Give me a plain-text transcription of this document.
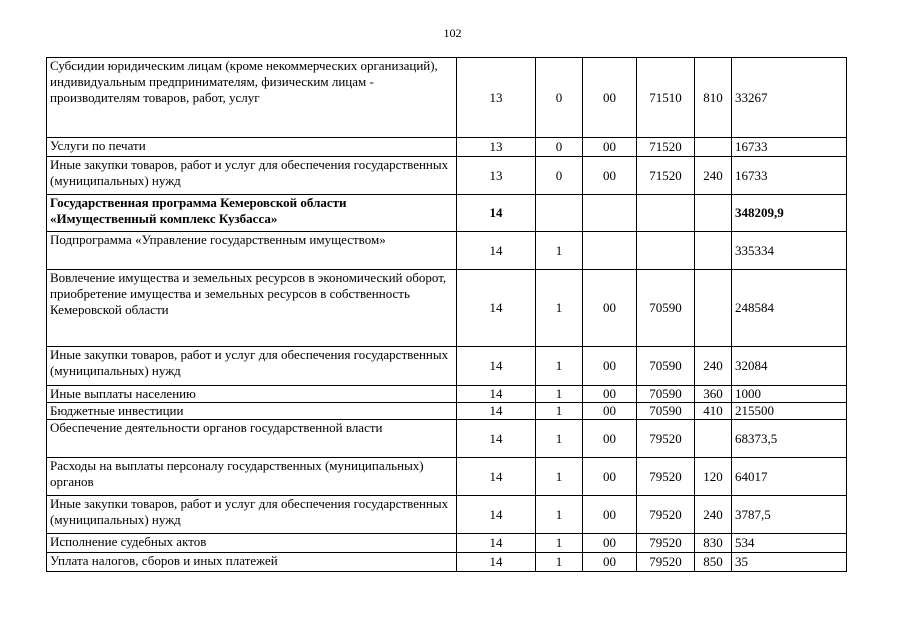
102
Субсидии юридическим лицам (кроме некоммерческих организаций), индивидуальным предпринимателям, физическим лицам - производителям товаров, работ, услуг	13	0	00	71510	810	33267
Услуги по печати	13	0	00	71520		16733
Иные закупки товаров, работ и услуг для обеспечения государственных (муниципальных) нужд	13	0	00	71520	240	16733
Государственная программа Кемеровской области «Имущественный комплекс Кузбасса»	14					348209,9
Подпрограмма «Управление государственным имуществом»	14	1				335334
Вовлечение имущества и земельных ресурсов в экономический оборот, приобретение имущества и земельных ресурсов в собственность Кемеровской области	14	1	00	70590		248584
Иные закупки товаров, работ и услуг для обеспечения государственных (муниципальных) нужд	14	1	00	70590	240	32084
Иные выплаты населению	14	1	00	70590	360	1000
Бюджетные инвестиции	14	1	00	70590	410	215500
Обеспечение деятельности органов государственной власти	14	1	00	79520		68373,5
Расходы на выплаты персоналу государственных (муниципальных) органов	14	1	00	79520	120	64017
Иные закупки товаров, работ и услуг для обеспечения государственных (муниципальных) нужд	14	1	00	79520	240	3787,5
Исполнение судебных актов	14	1	00	79520	830	534
Уплата налогов, сборов и иных платежей	14	1	00	79520	850	35
